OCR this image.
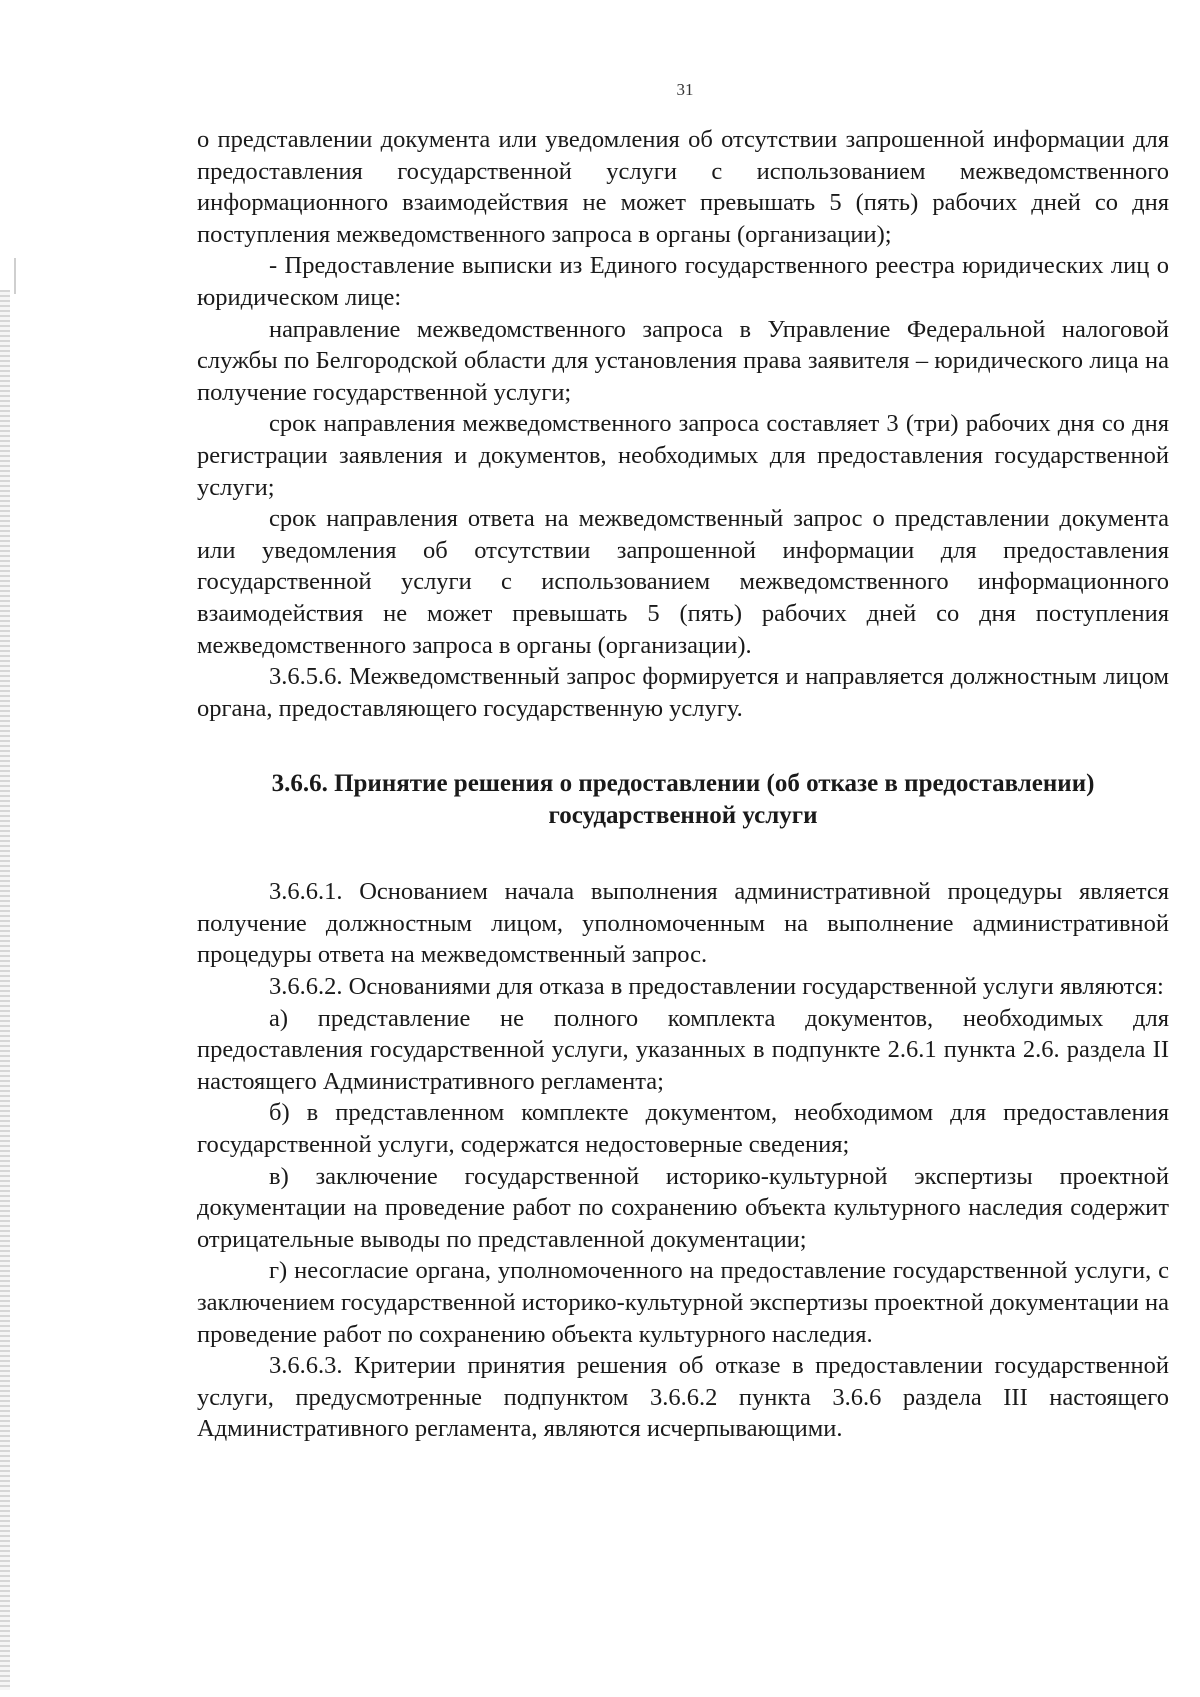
31

о представлении документа или уведомления об отсутствии запрошенной информации для предоставления государственной услуги с использованием межведомственного информационного взаимодействия не может превышать 5 (пять) рабочих дней со дня поступления межведомственного запроса в органы (организации);

- Предоставление выписки из Единого государственного реестра юридических лиц о юридическом лице:

направление межведомственного запроса в Управление Федеральной налоговой службы по Белгородской области для установления права заявителя – юридического лица на получение государственной услуги;

срок направления межведомственного запроса составляет 3 (три) рабочих дня со дня регистрации заявления и документов, необходимых для предоставления государственной услуги;

срок направления ответа на межведомственный запрос о представлении документа или уведомления об отсутствии запрошенной информации для предоставления государственной услуги с использованием межведомственного информационного взаимодействия не может превышать 5 (пять) рабочих дней со дня поступления межведомственного запроса в органы (организации).

3.6.5.6. Межведомственный запрос формируется и направляется должностным лицом органа, предоставляющего государственную услугу.

3.6.6. Принятие решения о предоставлении (об отказе в предоставлении)
государственной услуги

3.6.6.1. Основанием начала выполнения административной процедуры является получение должностным лицом, уполномоченным на выполнение административной процедуры ответа на межведомственный запрос.

3.6.6.2. Основаниями для отказа в предоставлении государственной услуги являются:

а) представление не полного комплекта документов, необходимых для предоставления государственной услуги, указанных в подпункте 2.6.1 пункта 2.6. раздела II настоящего Административного регламента;

б) в представленном комплекте документом, необходимом для предоставления государственной услуги, содержатся недостоверные сведения;

в) заключение государственной историко-культурной экспертизы проектной документации на проведение работ по сохранению объекта культурного наследия содержит отрицательные выводы по представленной документации;

г) несогласие органа, уполномоченного на предоставление государственной услуги, с заключением государственной историко-культурной экспертизы проектной документации на проведение работ по сохранению объекта культурного наследия.

3.6.6.3. Критерии принятия решения об отказе в предоставлении государственной услуги, предусмотренные подпунктом 3.6.6.2 пункта 3.6.6 раздела III настоящего Административного регламента, являются исчерпывающими.
